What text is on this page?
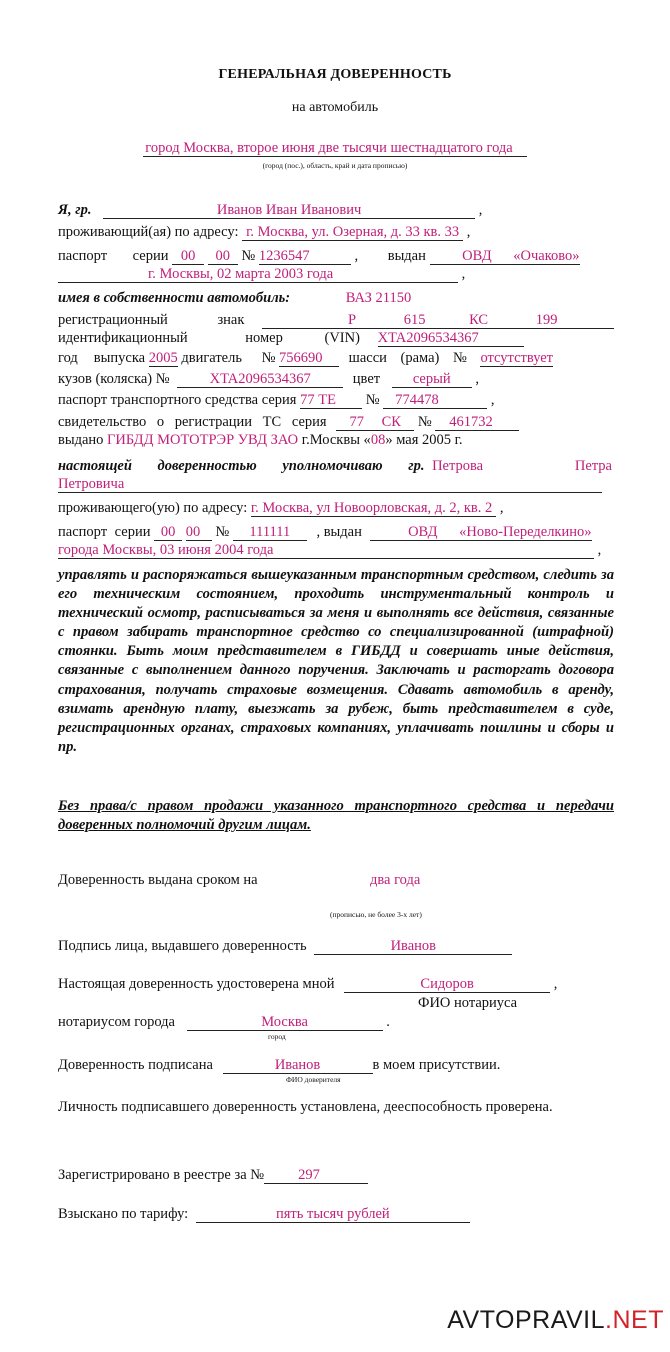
ГЕНЕРАЛЬНАЯ ДОВЕРЕННОСТЬ
на автомобиль
город Москва, второе июня две тысячи шестнадцатого года
(город (пос.), область, край и дата прописью)
Я, гр.	Иванов Иван Иванович	,
проживающий(ая) по адресу: г. Москва, ул. Озерная, д. 33 кв. 33 ,
паспорт серии 00 00 № 1236547	, выдан	ОВД «Очаково»
г. Москвы, 02 марта 2003 года	,
имея в собственности автомобиль:	ВАЗ 21150
регистрационный знак	Р	615	КС	199
идентификационный	номер	(VIN) XTA2096534367
год выпуска 2005 двигатель № 756690 шасси (рама) № отсутствует
кузов (коляска) №	XTA2096534367	цвет серый ,
паспорт транспортного средства серия 77 ТЕ № 774478	,
свидетельство о регистрации ТС серия 77 СК № 461732
выдано ГИБДД МОТОТРЭР УВД ЗАО г.Москвы «08» мая 2005 г.
настоящей доверенностью уполномочиваю гр. Петрова	Петра
Петровича
проживающего(ую) по адресу: г. Москва, ул Новоорловская, д. 2, кв. 2 ,
паспорт серии 00 00 № 111111 , выдан	ОВД «Ново-Переделкино»
города Москвы, 03 июня 2004 года	,
управлять и распоряжаться вышеуказанным транспортным средством, следить за его техническим состоянием, проходить инструментальный контроль и технический осмотр, расписываться за меня и выполнять все действия, связанные с правом забирать транспортное средство со специализированной (штрафной) стоянки. Быть моим представителем в ГИБДД и совершать иные действия, связанные с выполнением данного поручения. Заключать и расторгать договора страхования, получать страховые возмещения. Сдавать автомобиль в аренду, взимать арендную плату, выезжать за рубеж, быть представителем в суде, регистрационных органах, страховых компаниях, уплачивать пошлины и сборы и пр.
Без права/с правом продажи указанного транспортного средства и передачи доверенных полномочий другим лицам.
Доверенность выдана сроком на	два года
(прописью, не более 3-х лет)
Подпись лица, выдавшего доверенность	Иванов
Настоящая доверенность удостоверена мной	Сидоров	,
ФИО нотариуса
нотариусом города	Москва	.
город
Доверенность подписана	Иванов	в моем присутствии.
ФИО доверителя
Личность подписавшего доверенность установлена, дееспособность проверена.
Зарегистрировано в реестре за № 297
Взыскано по тарифу:	пять тысяч рублей
AVTOPRAVIL.NET
